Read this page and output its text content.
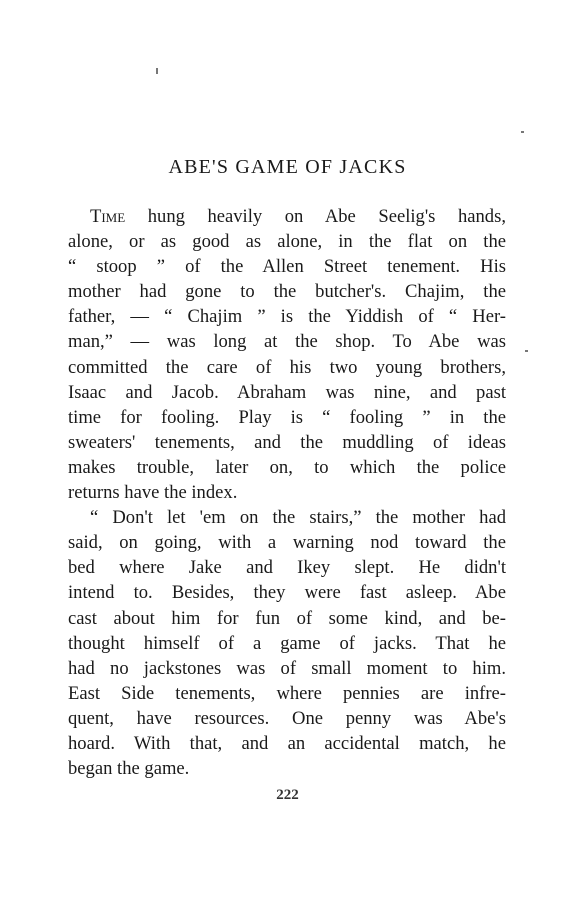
ABE'S GAME OF JACKS
Time hung heavily on Abe Seelig's hands,
alone, or as good as alone, in the flat on the
“ stoop ” of the Allen Street tenement. His
mother had gone to the butcher's. Chajim, the
father, — “ Chajim ” is the Yiddish of “ Her-
man,” — was long at the shop. To Abe was
committed the care of his two young brothers,
Isaac and Jacob. Abraham was nine, and past
time for fooling. Play is “ fooling ” in the
sweaters' tenements, and the muddling of ideas
makes trouble, later on, to which the police
returns have the index.
“ Don't let 'em on the stairs,” the mother had
said, on going, with a warning nod toward the
bed where Jake and Ikey slept. He didn't
intend to. Besides, they were fast asleep. Abe
cast about him for fun of some kind, and be-
thought himself of a game of jacks. That he
had no jackstones was of small moment to him.
East Side tenements, where pennies are infre-
quent, have resources. One penny was Abe's
hoard. With that, and an accidental match, he
began the game.
222
